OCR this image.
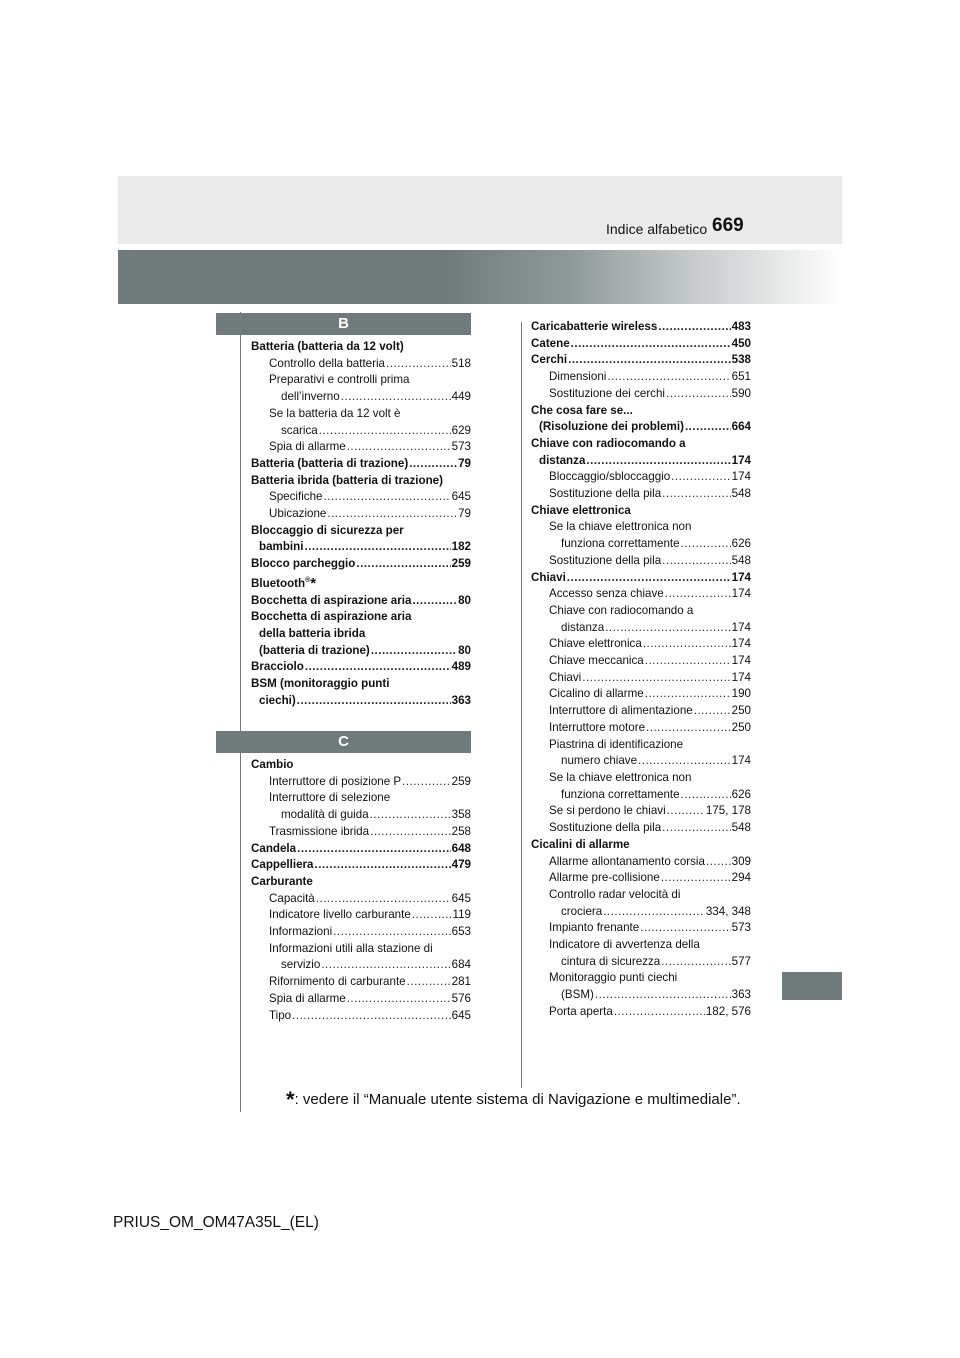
Indice alfabetico 669
B
Batteria (batteria da 12 volt)
Controllo della batteria .....	518
Preparativi e controlli prima
dell’inverno .....	449
Se la batteria da 12 volt è
scarica .....	629
Spia di allarme .....	573
Batteria (batteria di trazione) .....	79
Batteria ibrida (batteria di trazione)
Specifiche .....	645
Ubicazione .....	79
Bloccaggio di sicurezza per
bambini .....	182
Blocco parcheggio .....	259
Bluetooth®*
Bocchetta di aspirazione aria .....	80
Bocchetta di aspirazione aria
della batteria ibrida
(batteria di trazione) .....	80
Bracciolo .....	489
BSM (monitoraggio punti
ciechi) .....	363
C
Cambio
Interruttore di posizione P .....	259
Interruttore di selezione
modalità di guida .....	358
Trasmissione ibrida .....	258
Candela .....	648
Cappelliera .....	479
Carburante
Capacità .....	645
Indicatore livello carburante .....	119
Informazioni .....	653
Informazioni utili alla stazione di
servizio .....	684
Rifornimento di carburante .....	281
Spia di allarme .....	576
Tipo .....	645
Caricabatterie wireless .....	483
Catene .....	450
Cerchi .....	538
Dimensioni .....	651
Sostituzione dei cerchi .....	590
Che cosa fare se...
(Risoluzione dei problemi) .....	664
Chiave con radiocomando a
distanza .....	174
Bloccaggio/sbloccaggio .....	174
Sostituzione della pila .....	548
Chiave elettronica
Se la chiave elettronica non
funziona correttamente .....	626
Sostituzione della pila .....	548
Chiavi .....	174
Accesso senza chiave .....	174
Chiave con radiocomando a
distanza .....	174
Chiave elettronica .....	174
Chiave meccanica .....	174
Chiavi .....	174
Cicalino di allarme .....	190
Interruttore di alimentazione .....	250
Interruttore motore .....	250
Piastrina di identificazione
numero chiave .....	174
Se la chiave elettronica non
funziona correttamente .....	626
Se si perdono le chiavi .....	175, 178
Sostituzione della pila .....	548
Cicalini di allarme
Allarme allontanamento corsia ..... 309
Allarme pre-collisione .....	294
Controllo radar velocità di
crociera .....	334, 348
Impianto frenante .....	573
Indicatore di avvertenza della
cintura di sicurezza .....	577
Monitoraggio punti ciechi
(BSM) .....	363
Porta aperta .....	182, 576
*: vedere il “Manuale utente sistema di Navigazione e multimediale”.
PRIUS_OM_OM47A35L_(EL)
